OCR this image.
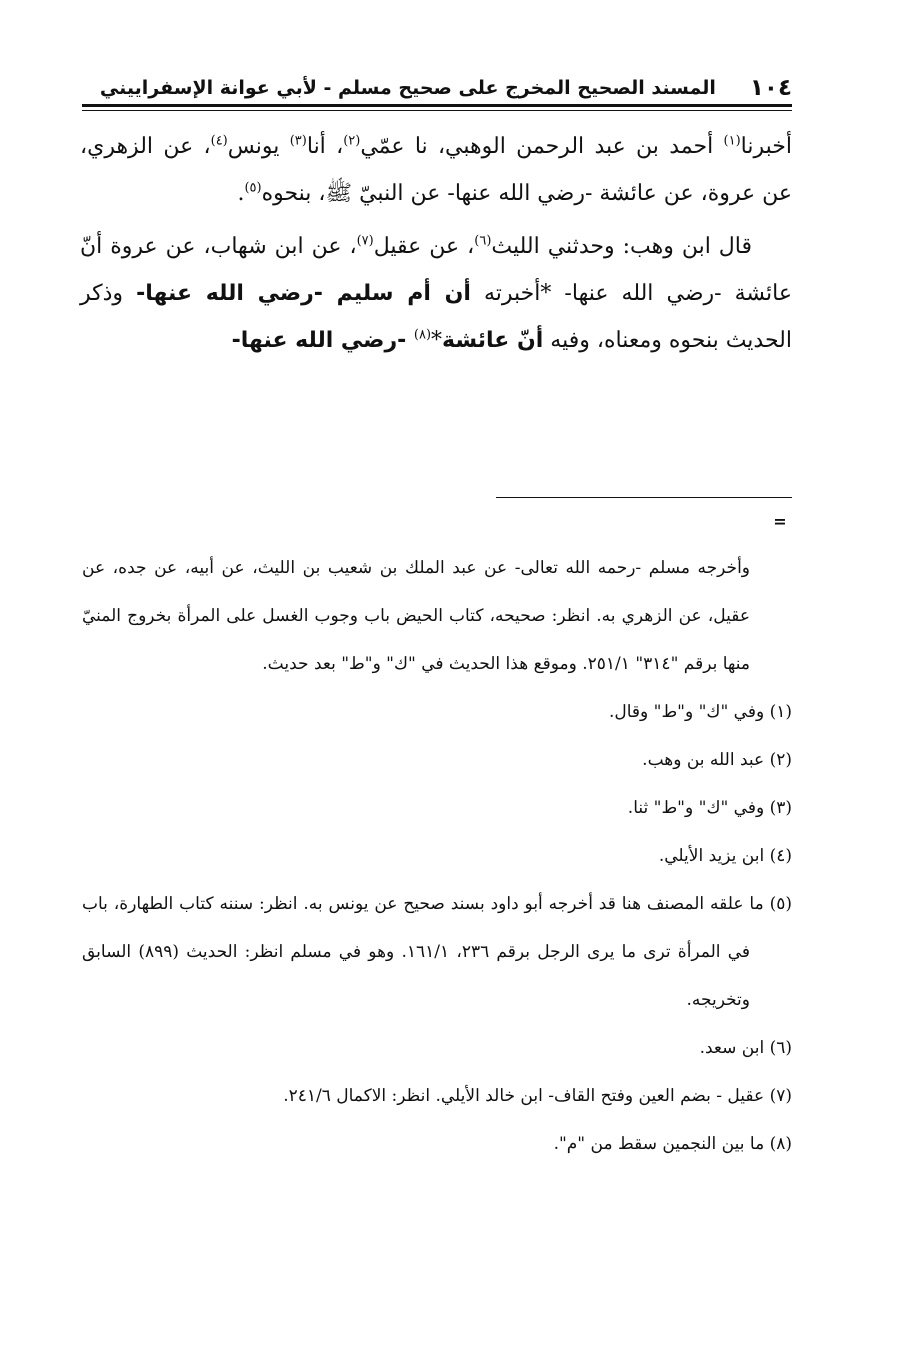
١٠٤
المسند الصحيح المخرج على صحيح مسلم - لأبي عوانة الإسفراييني

أخبرنا$^{(١)}$ أحمد بن عبد الرحمن الوهبي، نا عمّي$^{(٢)}$، أنا$^{(٣)}$ يونس$^{(٤)}$، عن الزهري، عن عروة، عن عائشة -رضي الله عنها- عن النبيّ ﷺ، بنحوه$^{(٥)}$.

قال ابن وهب: وحدثني الليث$^{(٦)}$، عن عقيل$^{(٧)}$، عن ابن شهاب، عن عروة أنّ عائشة -رضي الله عنها- *أخبرته أن أم سليم -رضي الله عنها- وذكر الحديث بنحوه ومعناه، وفيه أنّ عائشة*$^{(٨)}$ -رضي الله عنها-

=

وأخرجه مسلم -رحمه الله تعالى- عن عبد الملك بن شعيب بن الليث، عن أبيه، عن جده، عن عقيل، عن الزهري به. انظر: صحيحه، كتاب الحيض باب وجوب الغسل على المرأة بخروج المنيّ منها برقم "٣١٤" ٢٥١/١. وموقع هذا الحديث في "ك" و"ط" بعد حديث.

(١) وفي "ك" و"ط" وقال.

(٢) عبد الله بن وهب.

(٣) وفي "ك" و"ط" ثنا.

(٤) ابن يزيد الأيلي.

(٥) ما علقه المصنف هنا قد أخرجه أبو داود بسند صحيح عن يونس به. انظر: سننه كتاب الطهارة، باب في المرأة ترى ما يرى الرجل برقم ٢٣٦، ١٦١/١. وهو في مسلم انظر: الحديث (٨٩٩) السابق وتخريجه.

(٦) ابن سعد.

(٧) عقيل - بضم العين وفتح القاف- ابن خالد الأيلي. انظر: الاكمال ٢٤١/٦.

(٨) ما بين النجمين سقط من "م".
